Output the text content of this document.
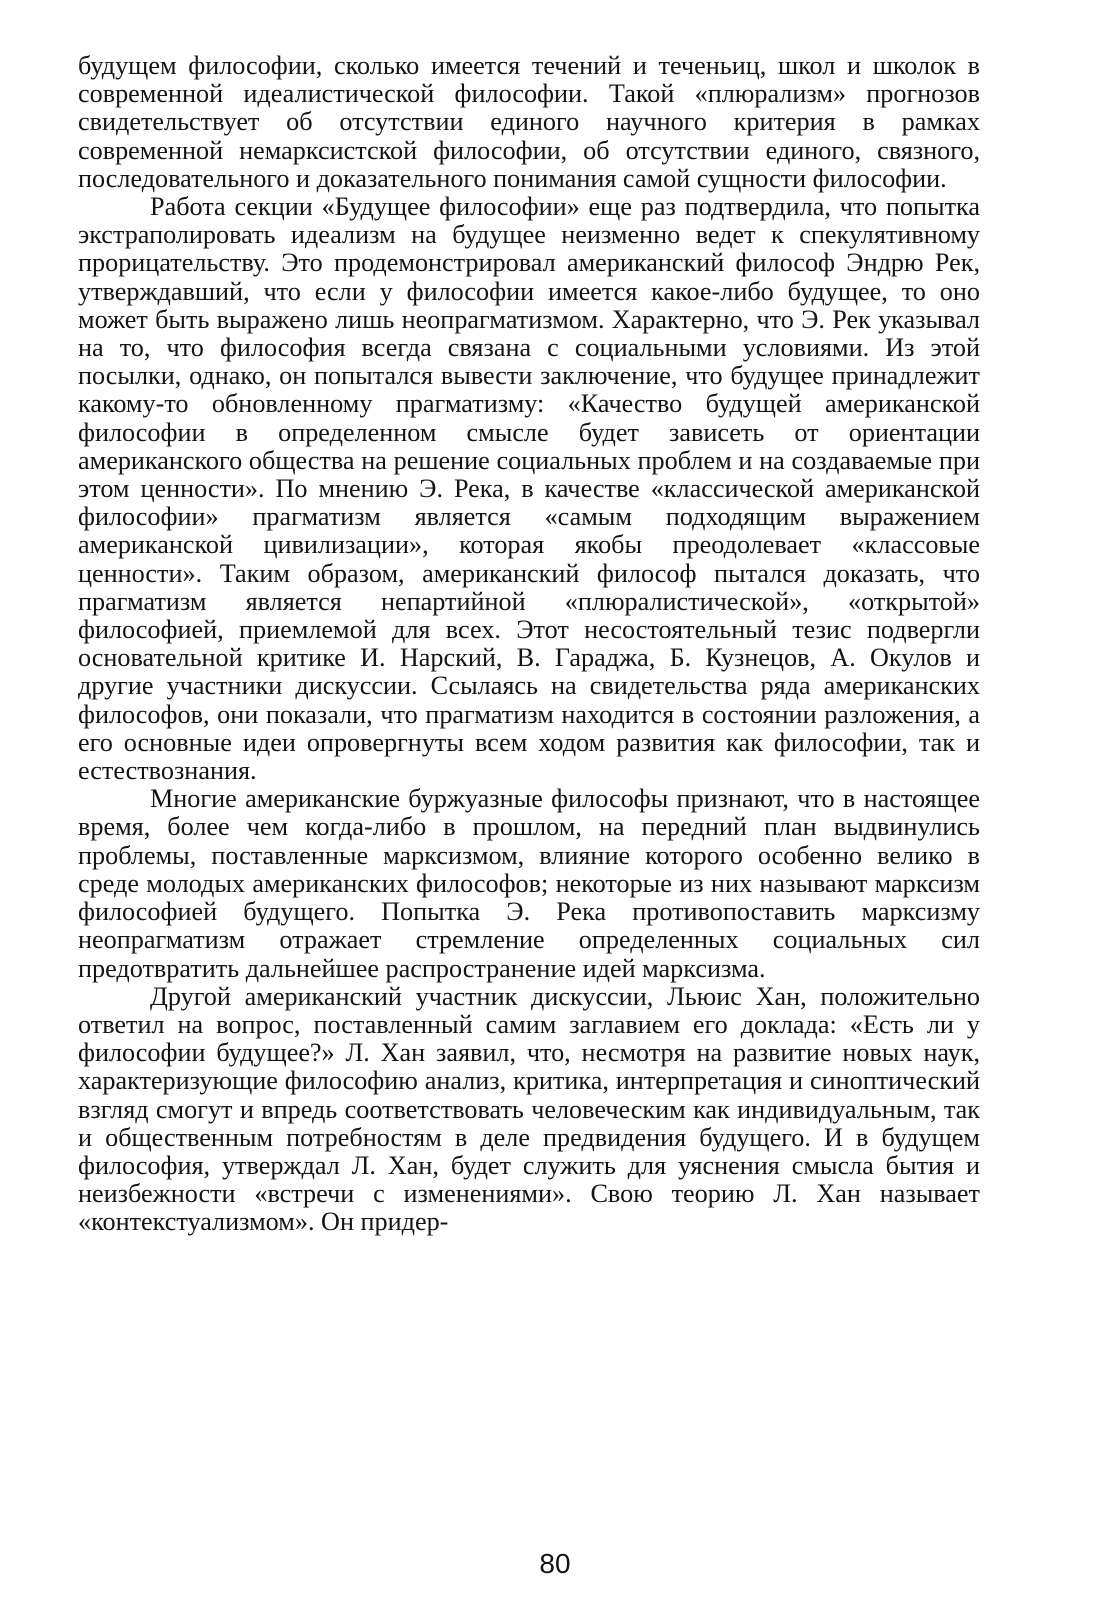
будущем философии, сколько имеется течений и теченьиц, школ и школок в современной идеалистической философии. Такой «плюрализм» прогнозов свидетельствует об отсутствии единого научного критерия в рамках современной немарксистской философии, об отсутствии единого, связного, последовательного и доказательного понимания самой сущности философии.

Работа секции «Будущее философии» еще раз подтвердила, что попытка экстраполировать идеализм на будущее неизменно ведет к спекулятивному прорицательству. Это продемонстрировал американский философ Эндрю Рек, утверждавший, что если у философии имеется какое-либо будущее, то оно может быть выражено лишь неопрагматизмом. Характерно, что Э. Рек указывал на то, что философия всегда связана с социальными условиями. Из этой посылки, однако, он попытался вывести заключение, что будущее принадлежит какому-то обновленному прагматизму: «Качество будущей американской философии в определенном смысле будет зависеть от ориентации американского общества на решение социальных проблем и на создаваемые при этом ценности». По мнению Э. Река, в качестве «классической американской философии» прагматизм является «самым подходящим выражением американской цивилизации», которая якобы преодолевает «классовые ценности». Таким образом, американский философ пытался доказать, что прагматизм является непартийной «плюралистической», «открытой» философией, приемлемой для всех. Этот несостоятельный тезис подвергли основательной критике И. Нарский, В. Гараджа, Б. Кузнецов, А. Окулов и другие участники дискуссии. Ссылаясь на свидетельства ряда американских философов, они показали, что прагматизм находится в состоянии разложения, а его основные идеи опровергнуты всем ходом развития как философии, так и естествознания.

Многие американские буржуазные философы признают, что в настоящее время, более чем когда-либо в прошлом, на передний план выдвинулись проблемы, поставленные марксизмом, влияние которого особенно велико в среде молодых американских философов; некоторые из них называют марксизм философией будущего. Попытка Э. Река противопоставить марксизму неопрагматизм отражает стремление определенных социальных сил предотвратить дальнейшее распространение идей марксизма.

Другой американский участник дискуссии, Льюис Хан, положительно ответил на вопрос, поставленный самим заглавием его доклада: «Есть ли у философии будущее?» Л. Хан заявил, что, несмотря на развитие новых наук, характеризующие философию анализ, критика, интерпретация и синоптический взгляд смогут и впредь соответствовать человеческим как индивидуальным, так и общественным потребностям в деле предвидения будущего. И в будущем философия, утверждал Л. Хан, будет служить для уяснения смысла бытия и неизбежности «встречи с изменениями». Свою теорию Л. Хан называет «контекстуализмом». Он придер-

80
